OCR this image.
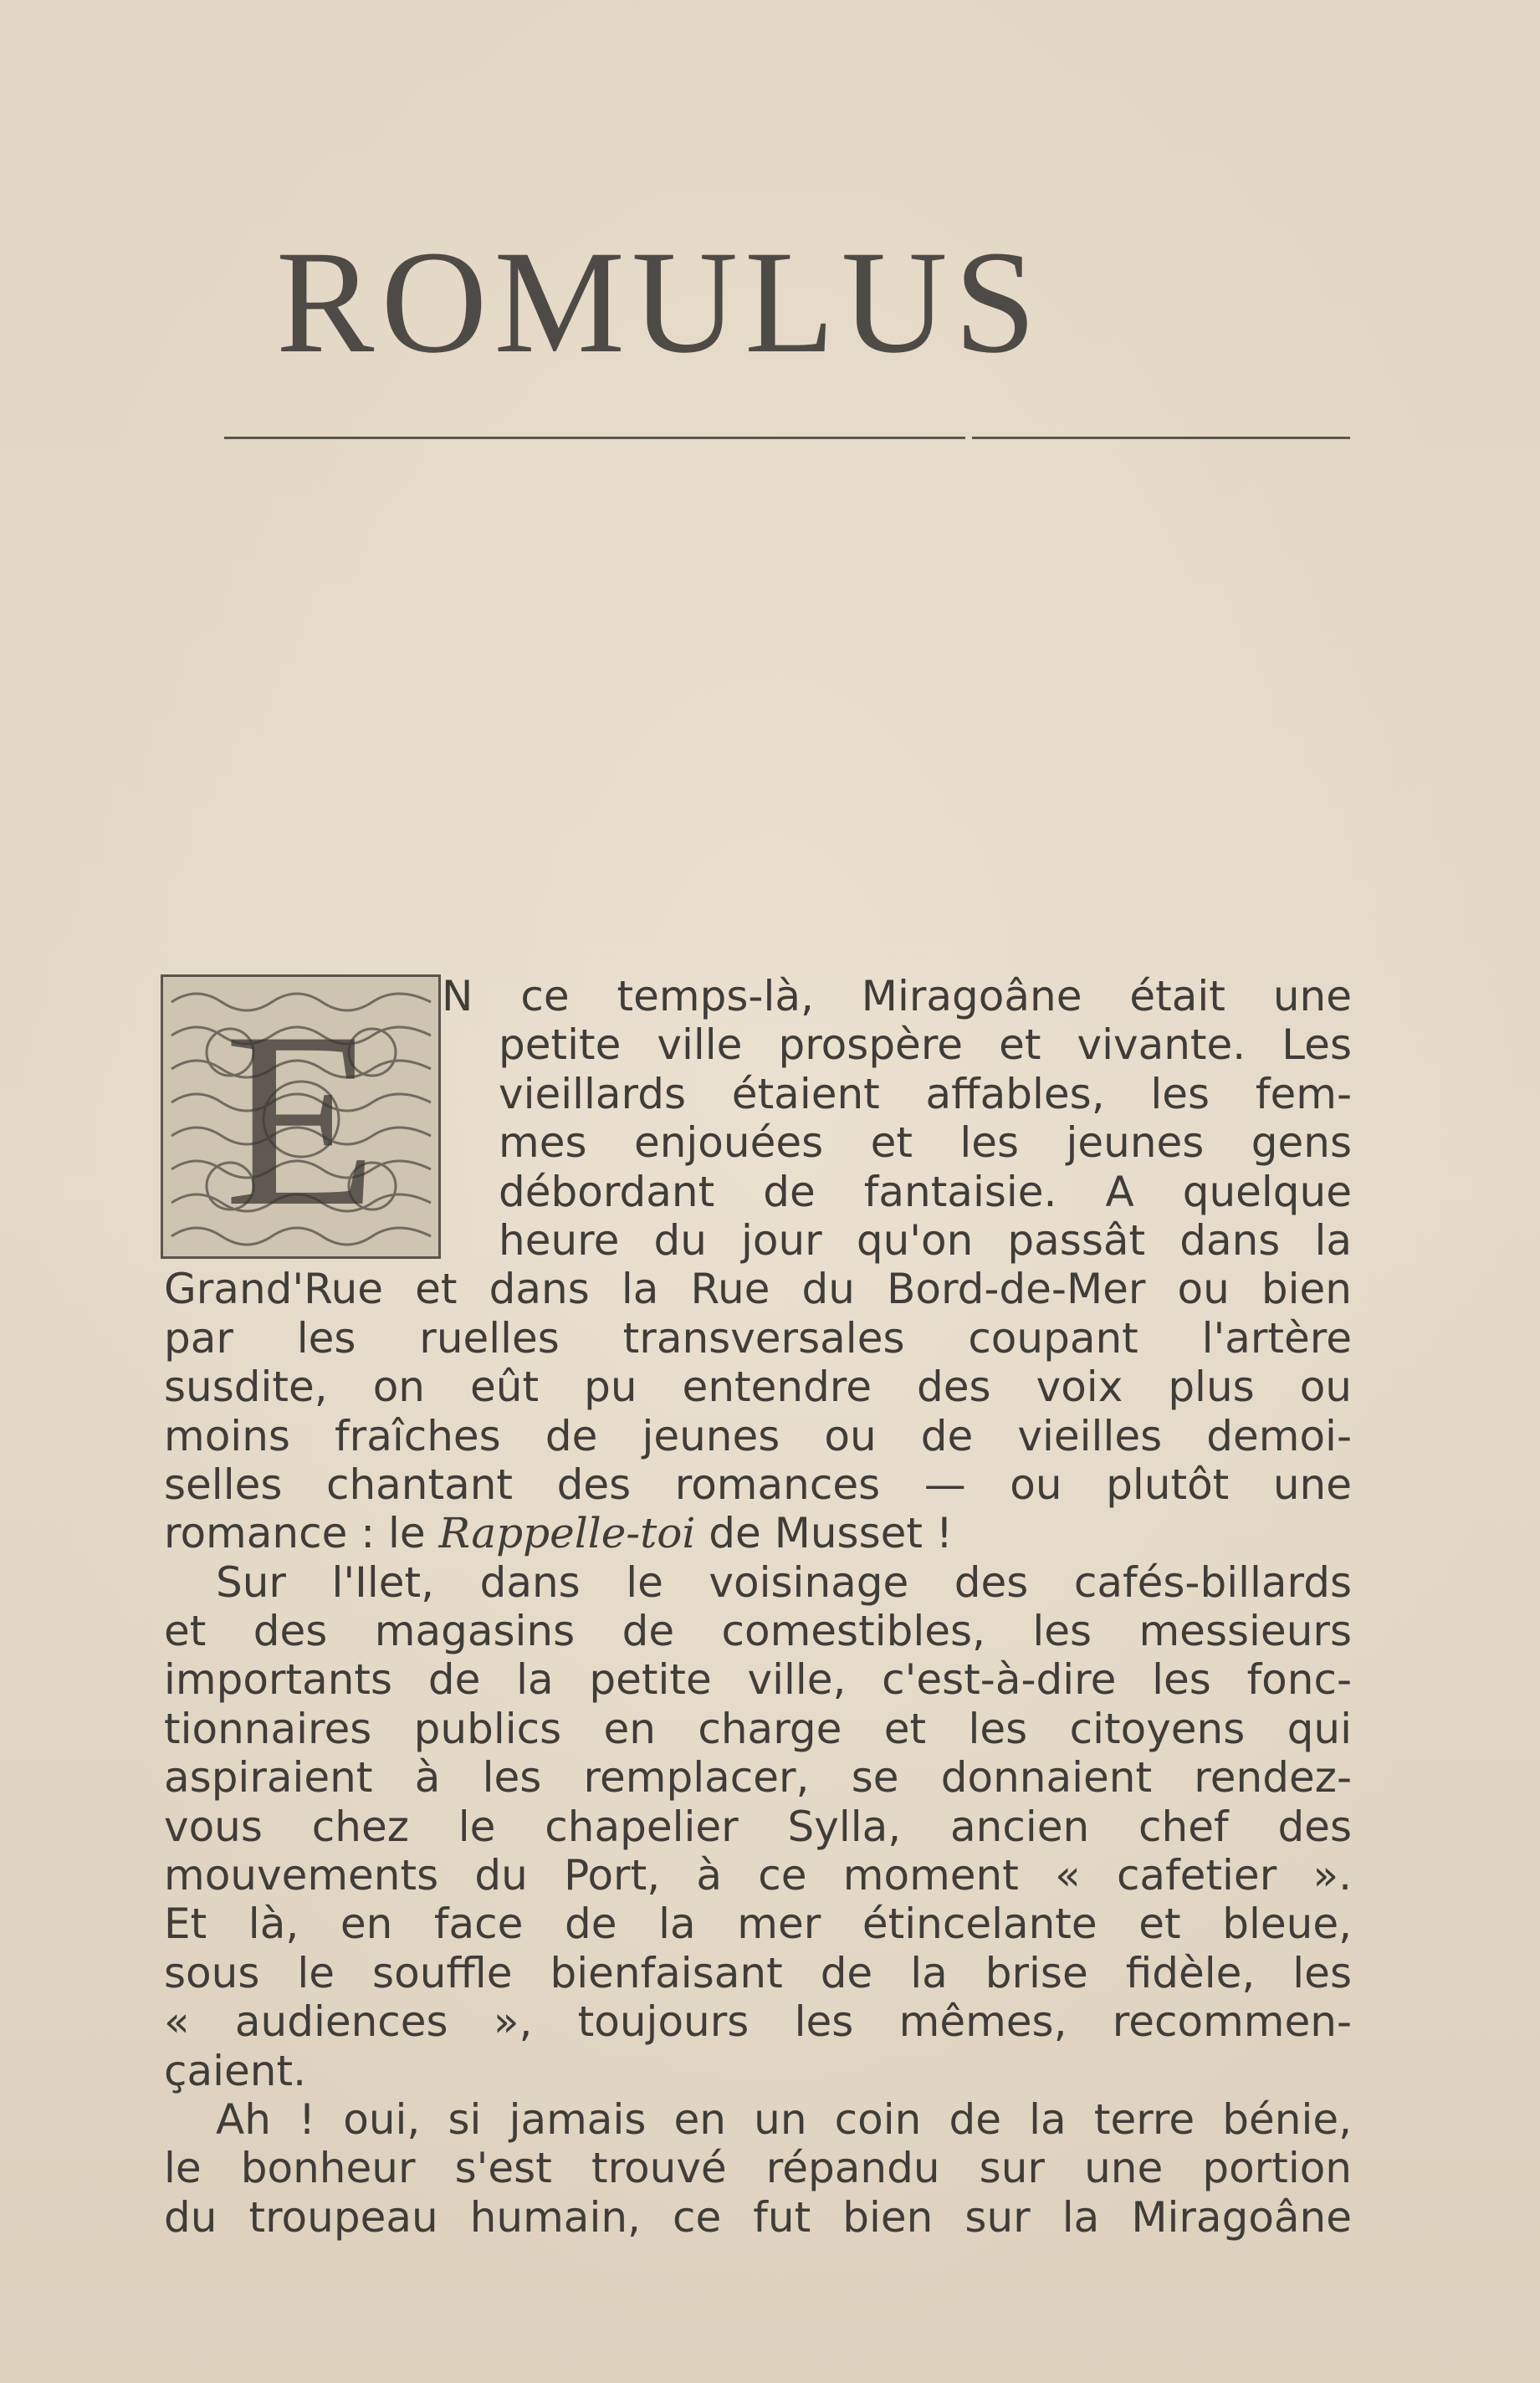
ROMULUS
E	N ce temps-là, Miragoâne était une
petite ville prospère et vivante. Les
vieillards étaient affables, les fem-
mes enjouées et les jeunes gens
débordant de fantaisie. A quelque
heure du jour qu'on passât dans la
Grand'Rue et dans la Rue du Bord-de-Mer ou bien
par les ruelles transversales coupant l'artère
susdite, on eût pu entendre des voix plus ou
moins fraîches de jeunes ou de vieilles demoi-
selles chantant des romances — ou plutôt une
romance : le Rappelle-toi de Musset !
Sur l'Ilet, dans le voisinage des cafés-billards
et des magasins de comestibles, les messieurs
importants de la petite ville, c'est-à-dire les fonc-
tionnaires publics en charge et les citoyens qui
aspiraient à les remplacer, se donnaient rendez-
vous chez le chapelier Sylla, ancien chef des
mouvements du Port, à ce moment « cafetier ».
Et là, en face de la mer étincelante et bleue,
sous le souffle bienfaisant de la brise fidèle, les
« audiences », toujours les mêmes, recommen-
çaient.
Ah ! oui, si jamais en un coin de la terre bénie,
le bonheur s'est trouvé répandu sur une portion
du troupeau humain, ce fut bien sur la Miragoâne
